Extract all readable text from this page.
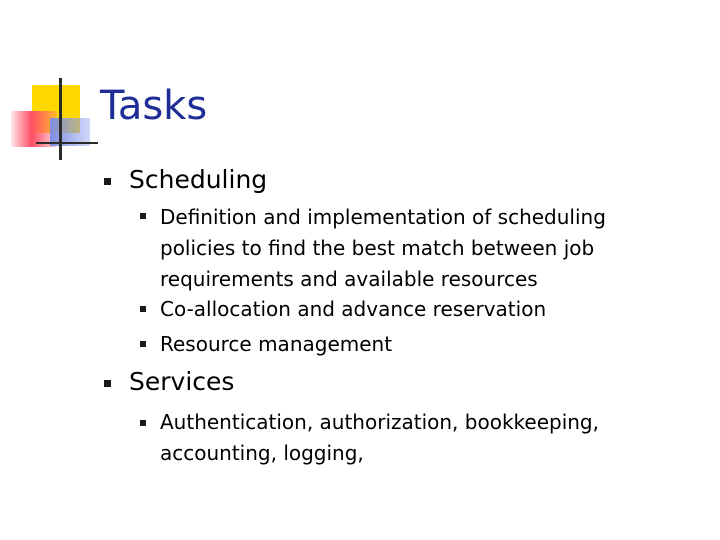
Tasks
Scheduling
Definition and implementation of scheduling policies to find the best match between job requirements and available resources
Co-allocation and advance reservation
Resource management
Services
Authentication, authorization, bookkeeping, accounting, logging,
